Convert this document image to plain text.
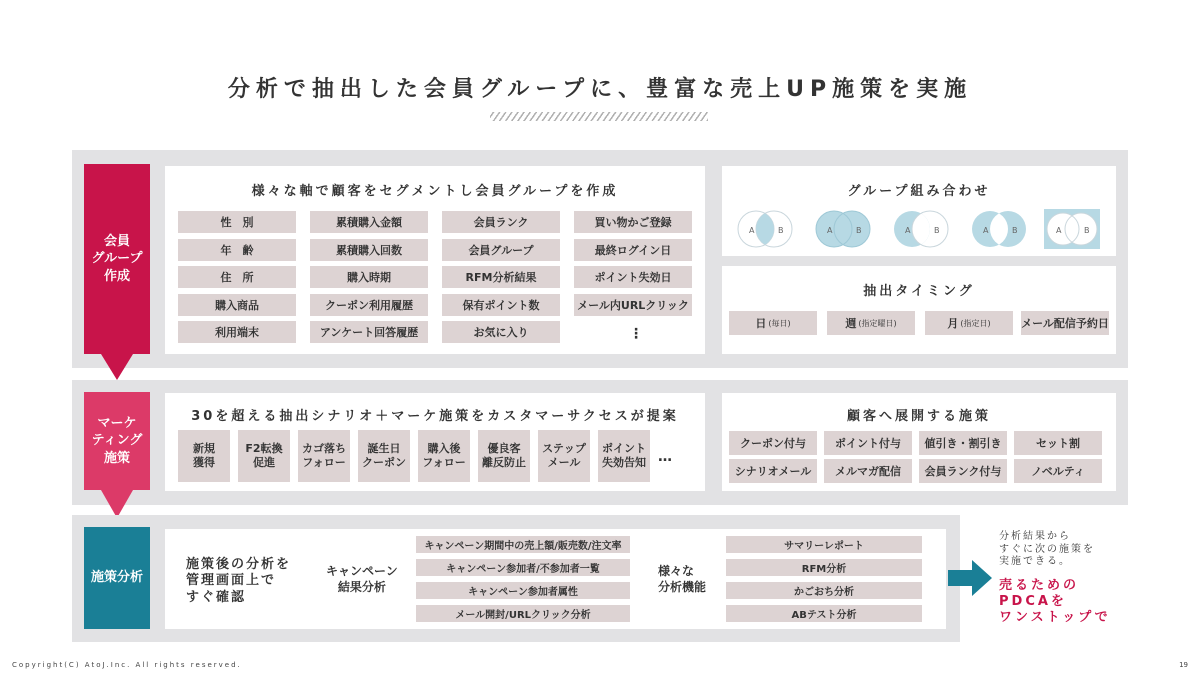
分析で抽出した会員グループに、豊富な売上UP施策を実施
会員
グループ
作成
様々な軸で顧客をセグメントし会員グループを作成
性　別	累積購入金額	会員ランク	買い物かご登録
年　齢	累積購入回数	会員グループ	最終ログイン日
住　所	購入時期	RFM分析結果	ポイント失効日
購入商品	クーポン利用履歴	保有ポイント数	メール内URLクリック
利用端末	アンケート回答履歴	お気に入り	⋮
グループ組み合わせ
A	B	A	B	A	B	A	B	A	B
抽出タイミング
日 (毎日)	週 (指定曜日)	月 (指定日)	メール配信予約日
マーケ
ティング
施策
30を超える抽出シナリオ＋マーケ施策をカスタマーサクセスが提案
新規
獲得
F2転換
促進
カゴ落ち
フォロー
誕生日
クーポン
購入後
フォロー
優良客
離反防止
ステップ
メール
ポイント
失効告知 …
顧客へ展開する施策
クーポン付与	ポイント付与	値引き・割引き	セット割
シナリオメール	メルマガ配信	会員ランク付与	ノベルティ
施策分析
施策後の分析を
管理画面上で
すぐ確認
キャンペーン
結果分析
キャンペーン期間中の売上額/販売数/注文率
キャンペーン参加者/不参加者一覧
キャンペーン参加者属性
メール開封/URLクリック分析
様々な
分析機能
サマリーレポート
RFM分析
かごおち分析
ABテスト分析
分析結果から
すぐに次の施策を
実施できる。
売るための
PDCAを
ワンストップで
Copyright(C) AtoJ.Inc. All rights reserved.	19
